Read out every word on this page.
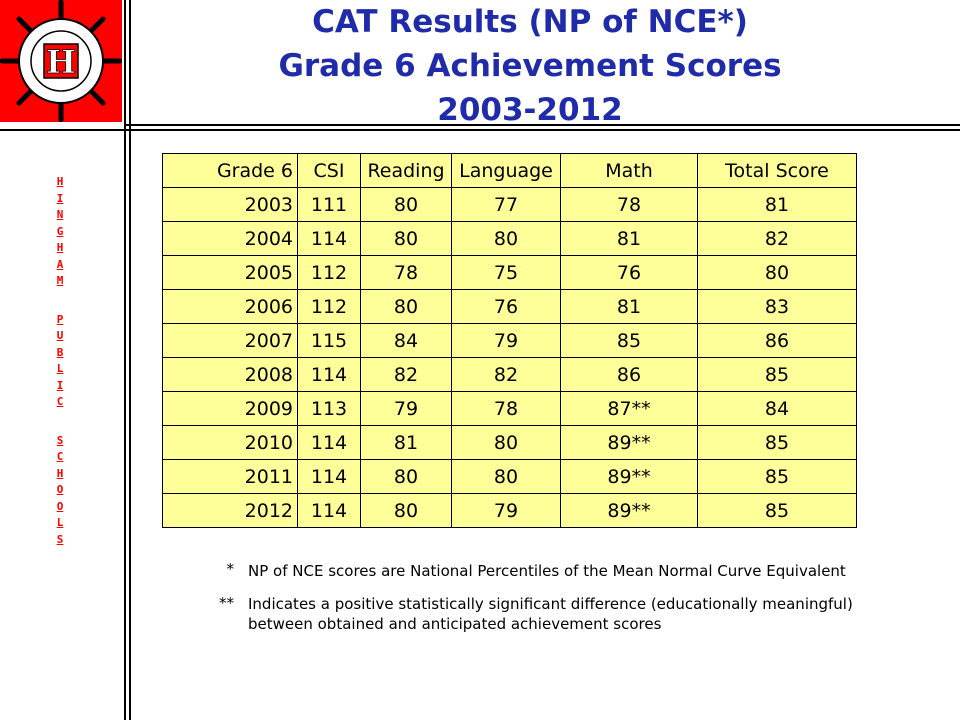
H
CAT Results (NP of NCE*)
Grade 6 Achievement Scores
2003-2012
H
I
N
G
H
A
M
P
U
B
L
I
C
S
C
H
O
O
L
S
Grade 6	CSI	Reading	Language	Math	Total Score
2003	111	80	77	78	81
2004	114	80	80	81	82
2005	112	78	75	76	80
2006	112	80	76	81	83
2007	115	84	79	85	86
2008	114	82	82	86	85
2009	113	79	78	87**	84
2010	114	81	80	89**	85
2011	114	80	80	89**	85
2012	114	80	79	89**	85
* NP of NCE scores are National Percentiles of the Mean Normal Curve Equivalent
** Indicates a positive statistically significant difference (educationally meaningful) between obtained and anticipated achievement scores
